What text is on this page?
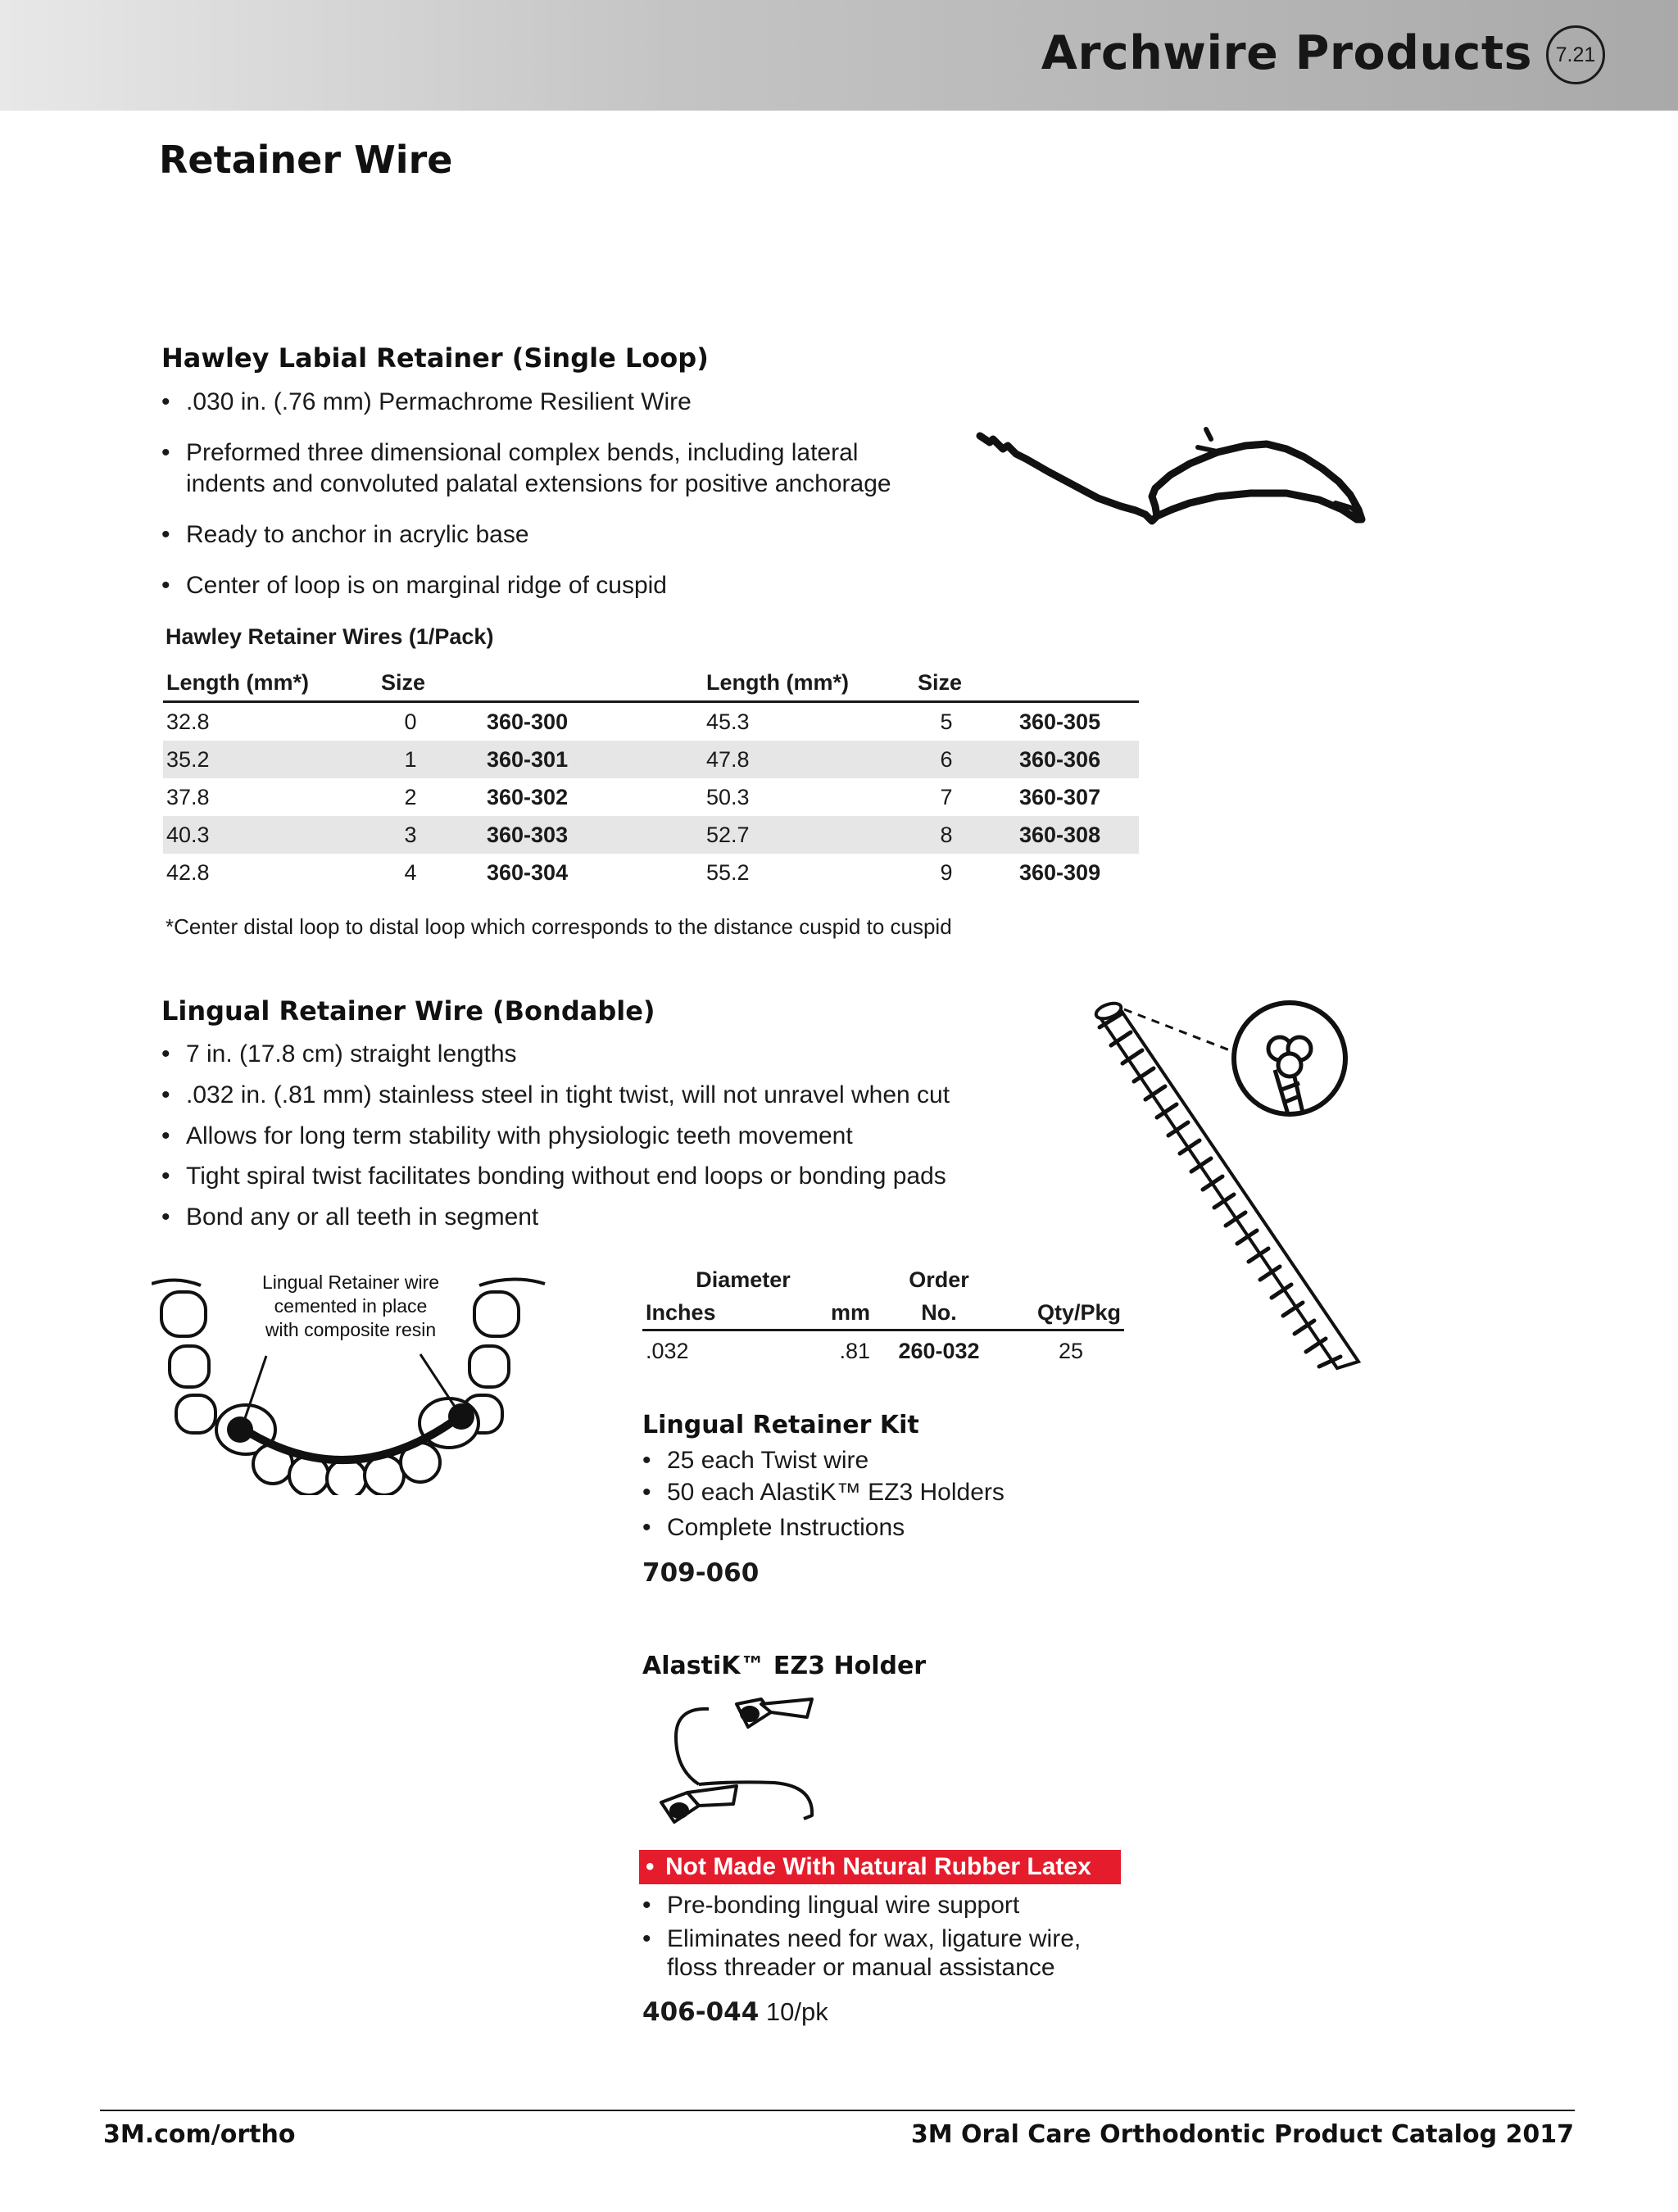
Archwire Products	7.21
Retainer Wire
Hawley Labial Retainer (Single Loop)

• .030 in. (.76 mm) Permachrome Resilient Wire

• Preformed three dimensional complex bends, including lateral

indents and convoluted palatal extensions for positive anchorage

• Ready to anchor in acrylic base

• Center of loop is on marginal ridge of cuspid

Hawley Retainer Wires (1/Pack)
Length (mm*)	Size		Length (mm*)	Size	
32.8	0	360-300	45.3	5	360-305
35.2	1	360-301	47.8	6	360-306
37.8	2	360-302	50.3	7	360-307
40.3	3	360-303	52.7	8	360-308
42.8	4	360-304	55.2	9	360-309
*Center distal loop to distal loop which corresponds to the distance cuspid to cuspid
Lingual Retainer Wire (Bondable)

• 7 in. (17.8 cm) straight lengths

• .032 in. (.81 mm) stainless steel in tight twist, will not unravel when cut

• Allows for long term stability with physiologic teeth movement

• Tight spiral twist facilitates bonding without end loops or bonding pads

• Bond any or all teeth in segment

Lingual Retainer wire
cemented in place
with composite resin
Diameter		Order	
Inches	mm	No.	Qty/Pkg
.032	.81	260-032	25
Lingual Retainer Kit

• 25 each Twist wire

• 50 each AlastiK™ EZ3 Holders

• Complete Instructions

709-060
AlastiK™ EZ3 Holder
• Not Made With Natural Rubber Latex

• Pre-bonding lingual wire support

• Eliminates need for wax, ligature wire,

floss threader or manual assistance

406-044 10/pk
3M.com/ortho	3M Oral Care Orthodontic Product Catalog 2017
